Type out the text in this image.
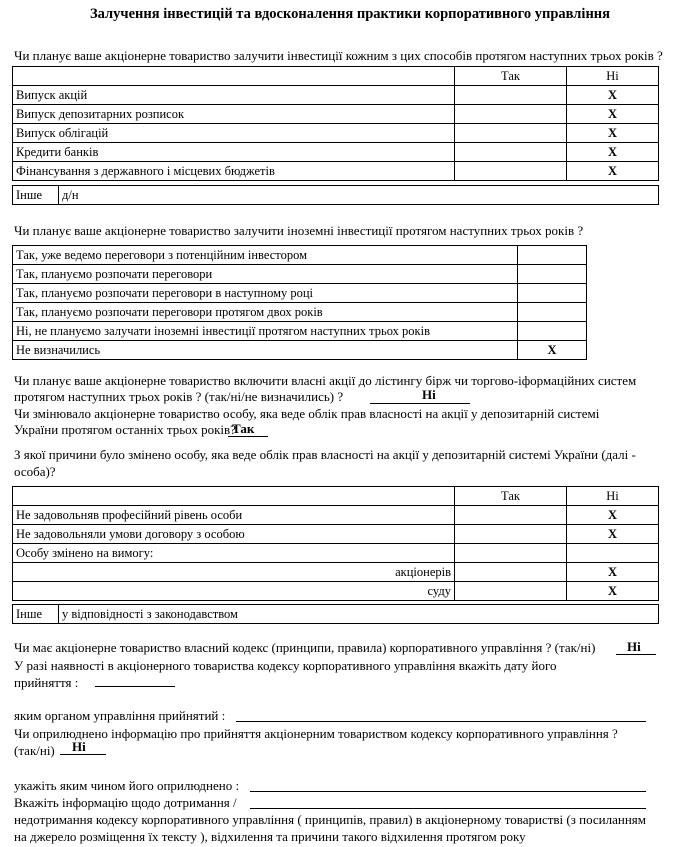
Залучення інвестицій та вдосконалення практики корпоративного управління
Чи планує ваше акціонерне товариство залучити інвестиції кожним з цих способів протягом наступних трьох років ?
	Так	Ні
Випуск акцій		X
Випуск депозитарних розписок		X
Випуск облігацій		X
Кредити банків		X
Фінансування з державного і місцевих бюджетів		X
Інше	д/н
Чи планує ваше акціонерне товариство залучити іноземні інвестиції протягом наступних трьох років ?
Так, уже ведемо переговори з потенційним інвестором	
Так, плануємо розпочати переговори	
Так, плануємо розпочати переговори в наступному році	
Так, плануємо розпочати переговори протягом двох років	
Ні, не плануємо залучати іноземні інвестиції протягом наступних трьох років	
Не визначились	X
Чи планує ваше акціонерне товариство включити власні акції до лістингу бірж чи торгово-іформаційних систем
протягом наступних трьох років ? (так/ні/не визначились) ?	Ні
Чи змінювало акціонерне товариство особу, яка веде облік прав власності на акції у депозитарній системі
України протягом останніх трьох років?
Так
З якої причини було змінено особу, яка веде облік прав власності на акції у депозитарній системі України (далі - особа)?
	Так	Ні
Не задовольняв професійний рівень особи		X
Не задовольняли умови договору з особою		X
Особу змінено на вимогу:		
акціонерів		X
суду		X
Інше	у відповідності з законодавством
Чи має акціонерне товариство власний кодекс (принципи, правила) корпоративного управління ? (так/ні) Ні
У разі наявності в акціонерного товариства кодексу корпоративного управління вкажіть дату його
прийняття :
яким органом управління прийнятий :
Чи оприлюднено інформацію про прийняття акціонерним товариством кодексу корпоративного управління ?
(так/ні) Ні
укажіть яким чином його оприлюднено :
Вкажіть інформацію щодо дотримання /
недотримання кодексу корпоративного управління ( принципів, правил) в акціонерному товаристві (з посиланням
на джерело розміщення їх тексту ), відхилення та причини такого відхилення протягом року
